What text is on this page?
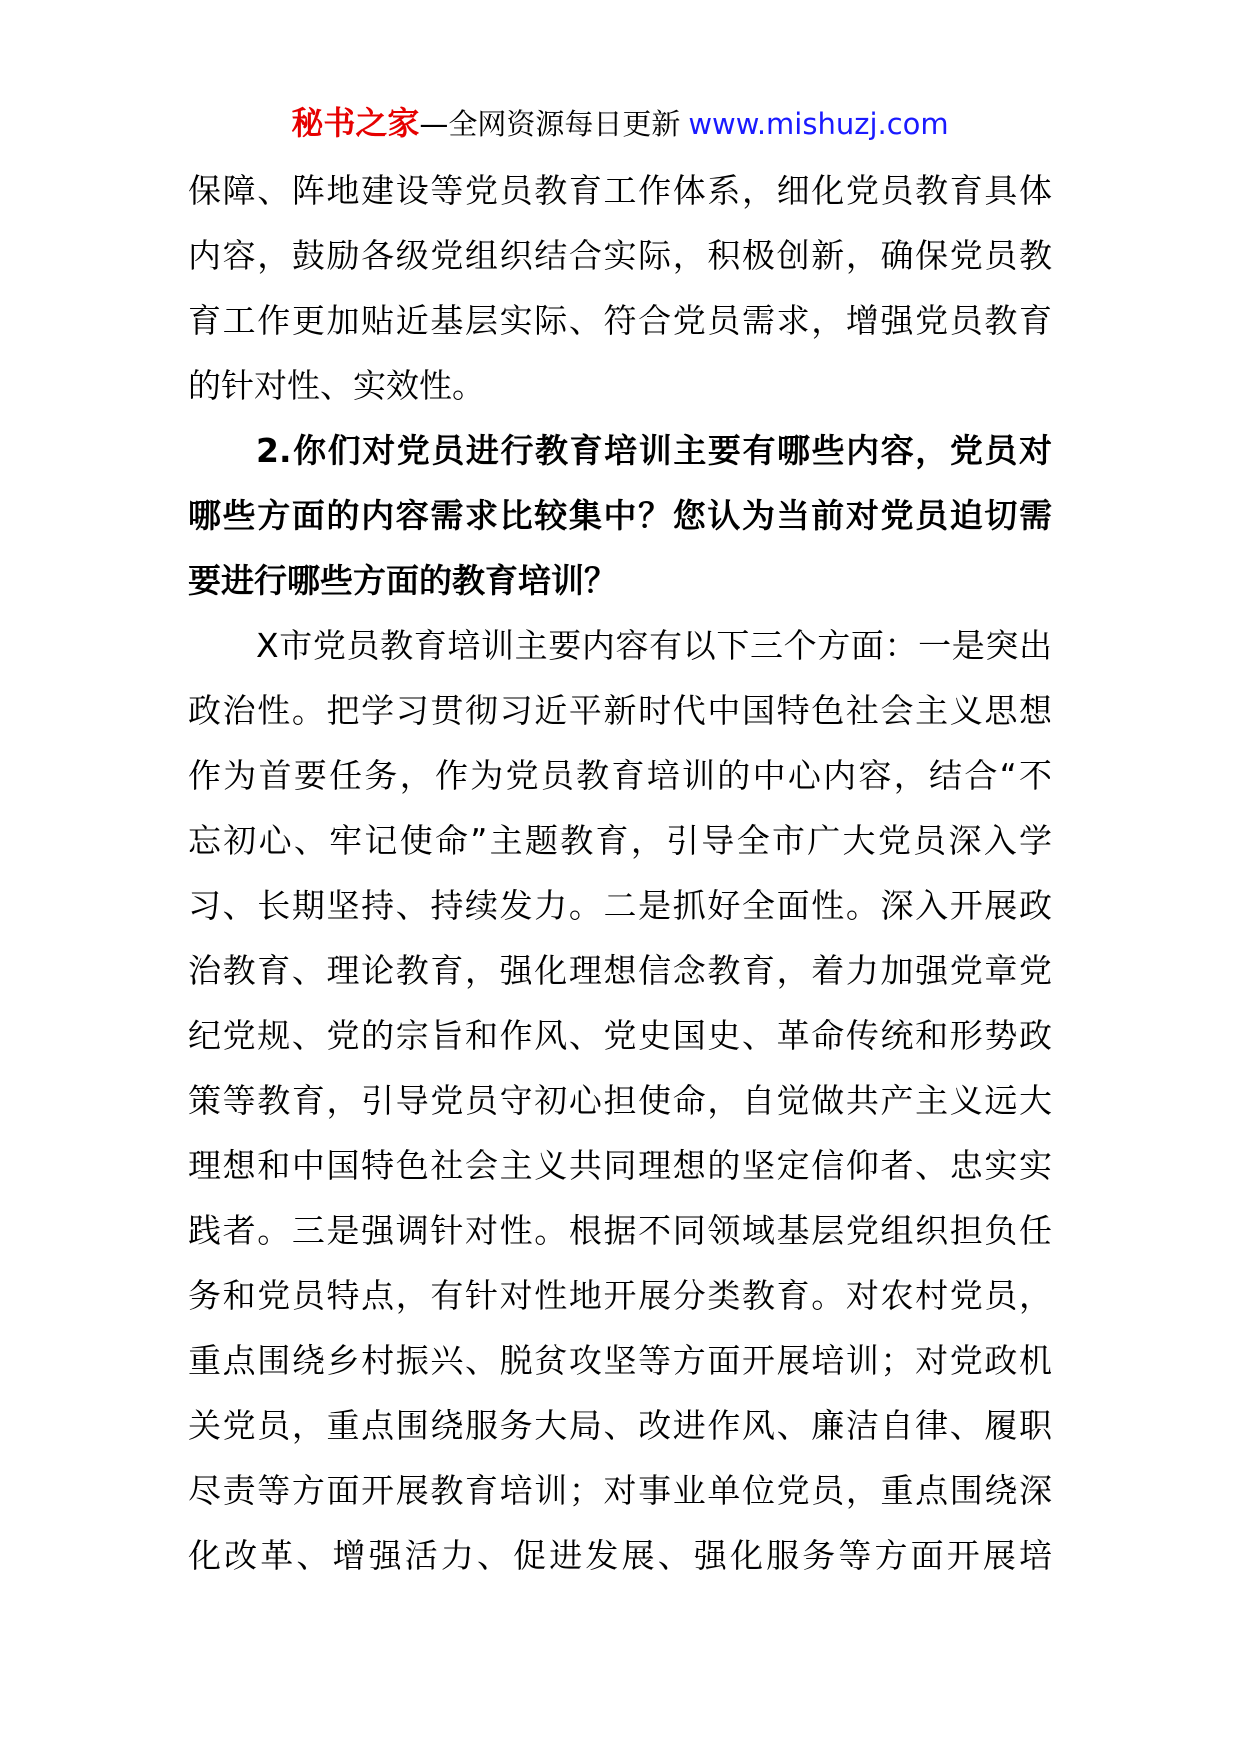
秘书之家—全网资源每日更新 www.mishuzj.com
保障、阵地建设等党员教育工作体系，细化党员教育具体
内容，鼓励各级党组织结合实际，积极创新，确保党员教
育工作更加贴近基层实际、符合党员需求，增强党员教育
的针对性、实效性。
2.你们对党员进行教育培训主要有哪些内容，党员对
哪些方面的内容需求比较集中？您认为当前对党员迫切需
要进行哪些方面的教育培训？
X市党员教育培训主要内容有以下三个方面：一是突出
政治性。把学习贯彻习近平新时代中国特色社会主义思想
作为首要任务，作为党员教育培训的中心内容，结合“不
忘初心、牢记使命”主题教育，引导全市广大党员深入学
习、长期坚持、持续发力。二是抓好全面性。深入开展政
治教育、理论教育，强化理想信念教育，着力加强党章党
纪党规、党的宗旨和作风、党史国史、革命传统和形势政
策等教育，引导党员守初心担使命，自觉做共产主义远大
理想和中国特色社会主义共同理想的坚定信仰者、忠实实
践者。三是强调针对性。根据不同领域基层党组织担负任
务和党员特点，有针对性地开展分类教育。对农村党员，
重点围绕乡村振兴、脱贫攻坚等方面开展培训；对党政机
关党员，重点围绕服务大局、改进作风、廉洁自律、履职
尽责等方面开展教育培训；对事业单位党员，重点围绕深
化改革、增强活力、促进发展、强化服务等方面开展培
